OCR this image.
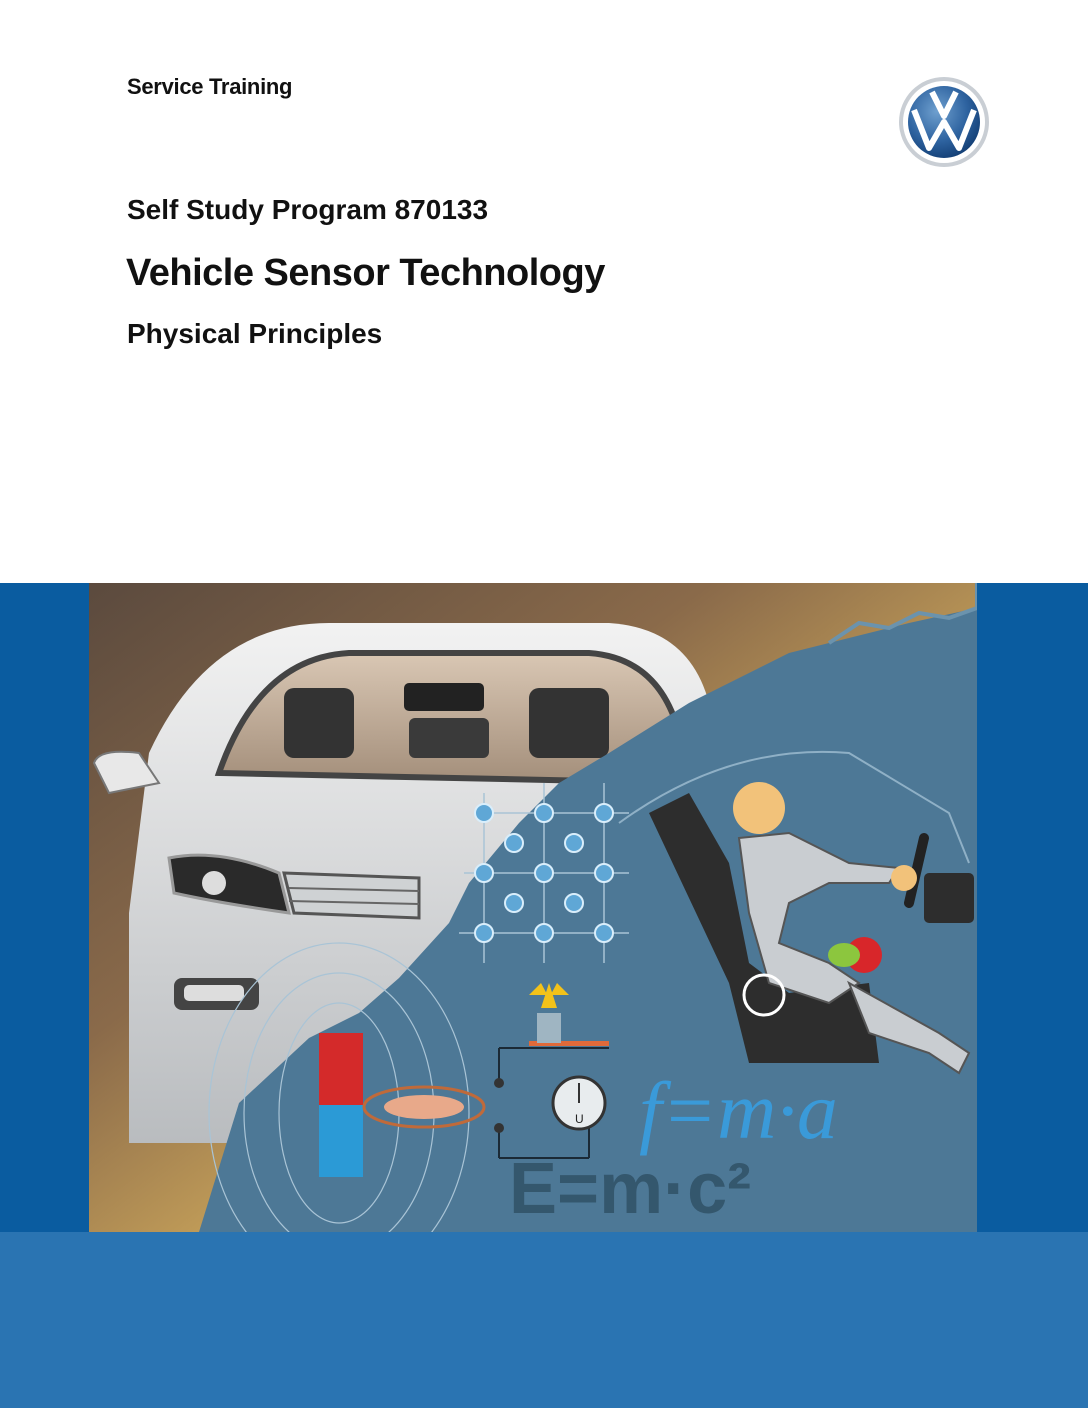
Service Training
Self Study Program 870133
Vehicle Sensor Technology
Physical Principles
U f=m·a
E=m·c²
